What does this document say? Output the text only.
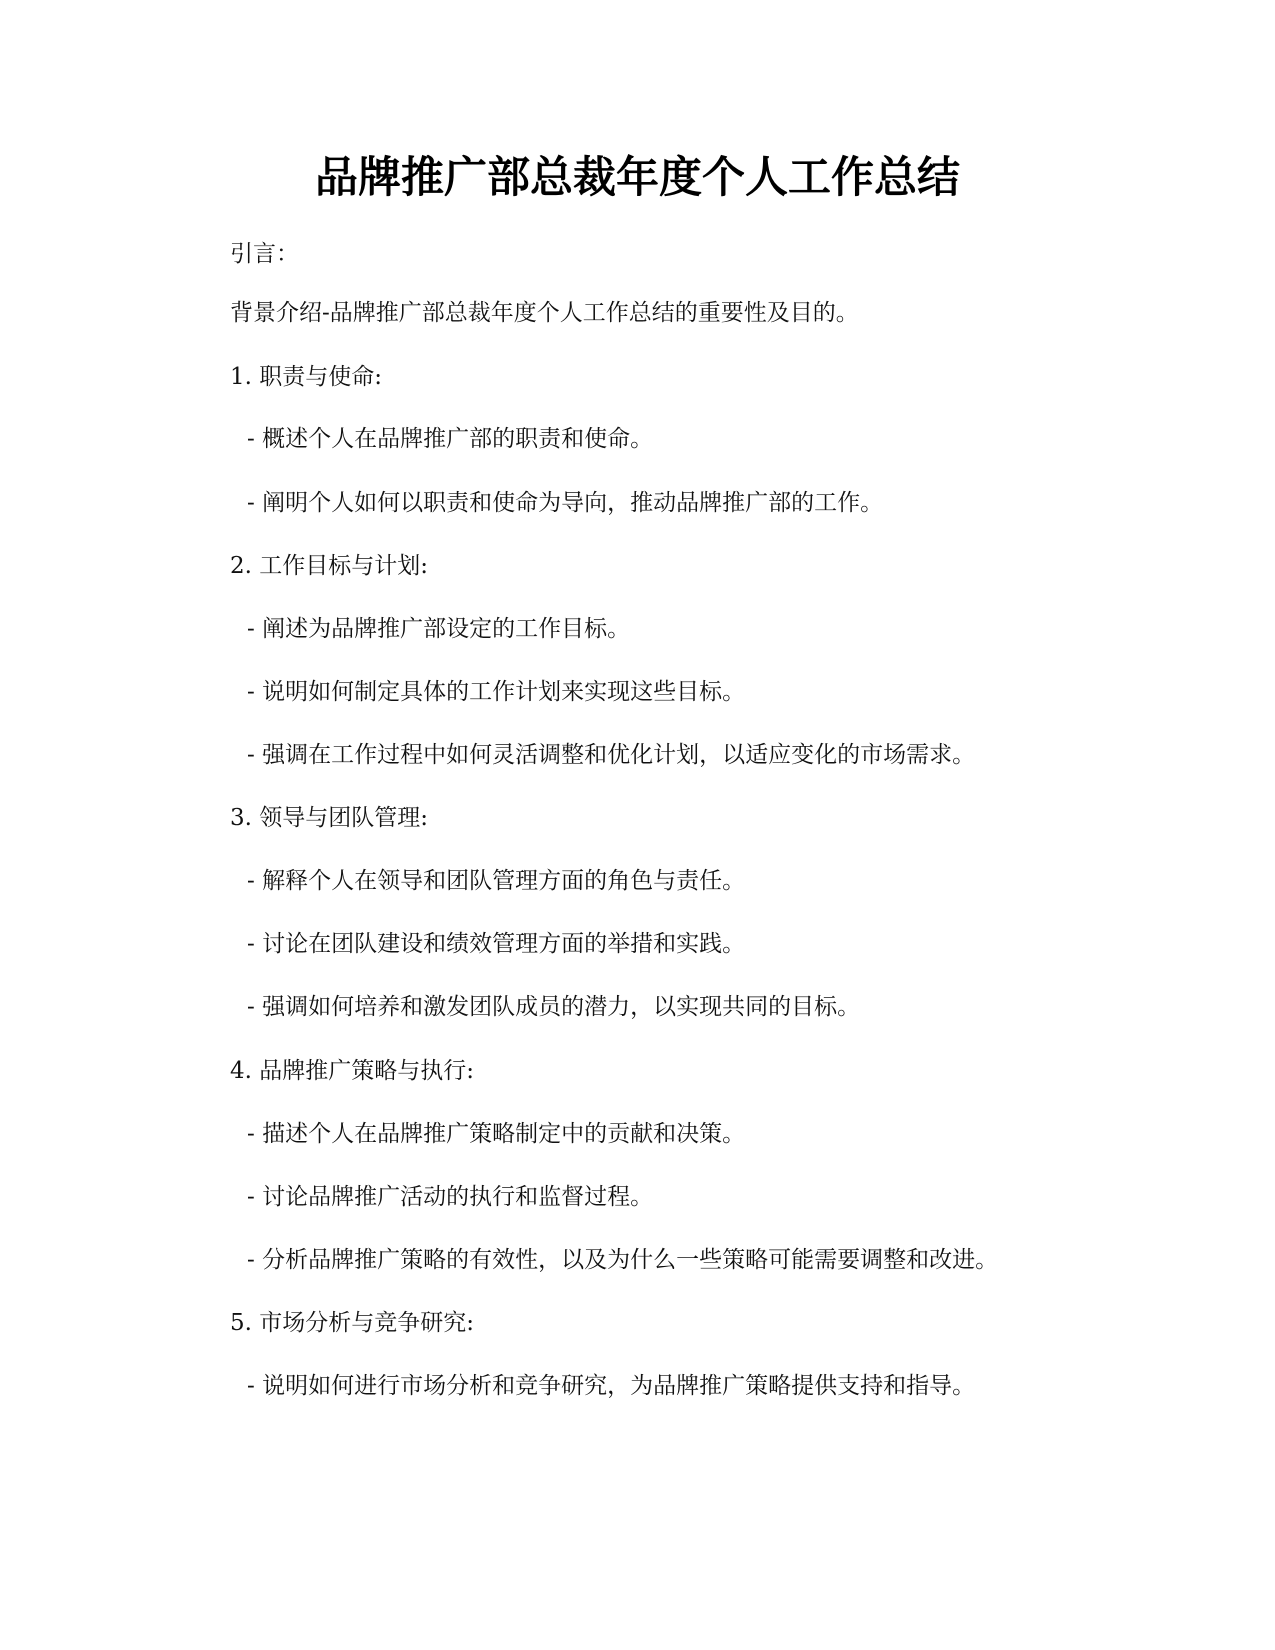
品牌推广部总裁年度个人工作总结

引言：

背景介绍-品牌推广部总裁年度个人工作总结的重要性及目的。

1. 职责与使命:

- 概述个人在品牌推广部的职责和使命。

- 阐明个人如何以职责和使命为导向，推动品牌推广部的工作。

2. 工作目标与计划:

- 阐述为品牌推广部设定的工作目标。

- 说明如何制定具体的工作计划来实现这些目标。

- 强调在工作过程中如何灵活调整和优化计划，以适应变化的市场需求。

3. 领导与团队管理:

- 解释个人在领导和团队管理方面的角色与责任。

- 讨论在团队建设和绩效管理方面的举措和实践。

- 强调如何培养和激发团队成员的潜力，以实现共同的目标。

4. 品牌推广策略与执行:

- 描述个人在品牌推广策略制定中的贡献和决策。

- 讨论品牌推广活动的执行和监督过程。

- 分析品牌推广策略的有效性，以及为什么一些策略可能需要调整和改进。

5. 市场分析与竞争研究:

- 说明如何进行市场分析和竞争研究，为品牌推广策略提供支持和指导。
